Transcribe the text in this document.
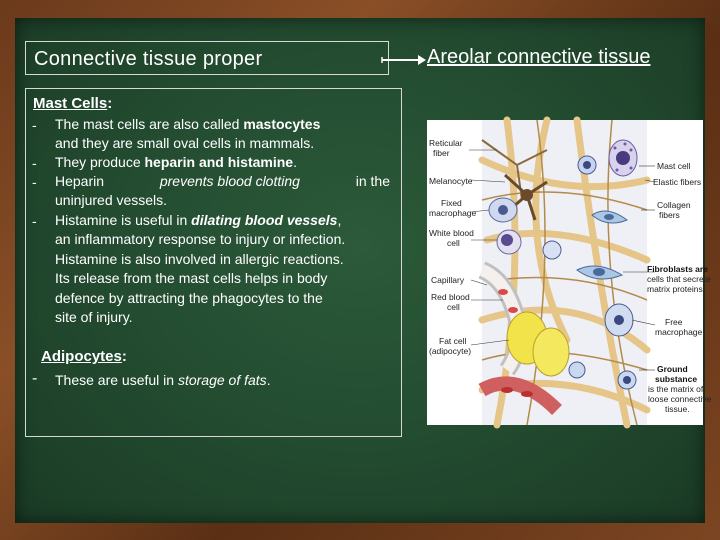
Connective tissue proper	Areolar connective tissue
Mast Cells:
- The mast cells are also called mastocytes
and they are small oval cells in mammals.
- They produce heparin and histamine.
- Heparin	prevents blood clotting	in the
uninjured vessels.
- Histamine is useful in dilating blood vessels,
an inflammatory response to injury or infection.
Histamine is also involved in allergic reactions.
Its release from the mast cells helps in body
defence by attracting the phagocytes to the
site of injury.
Adipocytes:
- These are useful in storage of fats.
Reticular
fiber
Melanocyte
Fixed
macrophage
White blood
cell
Capillary
Red blood
cell
Fat cell
(adipocyte)
Mast cell
Elastic fibers
Collagen
fibers
Fibroblasts are
cells that secrete
matrix proteins.
Free
macrophage
Ground
substance
is the matrix of
loose connective
tissue.
